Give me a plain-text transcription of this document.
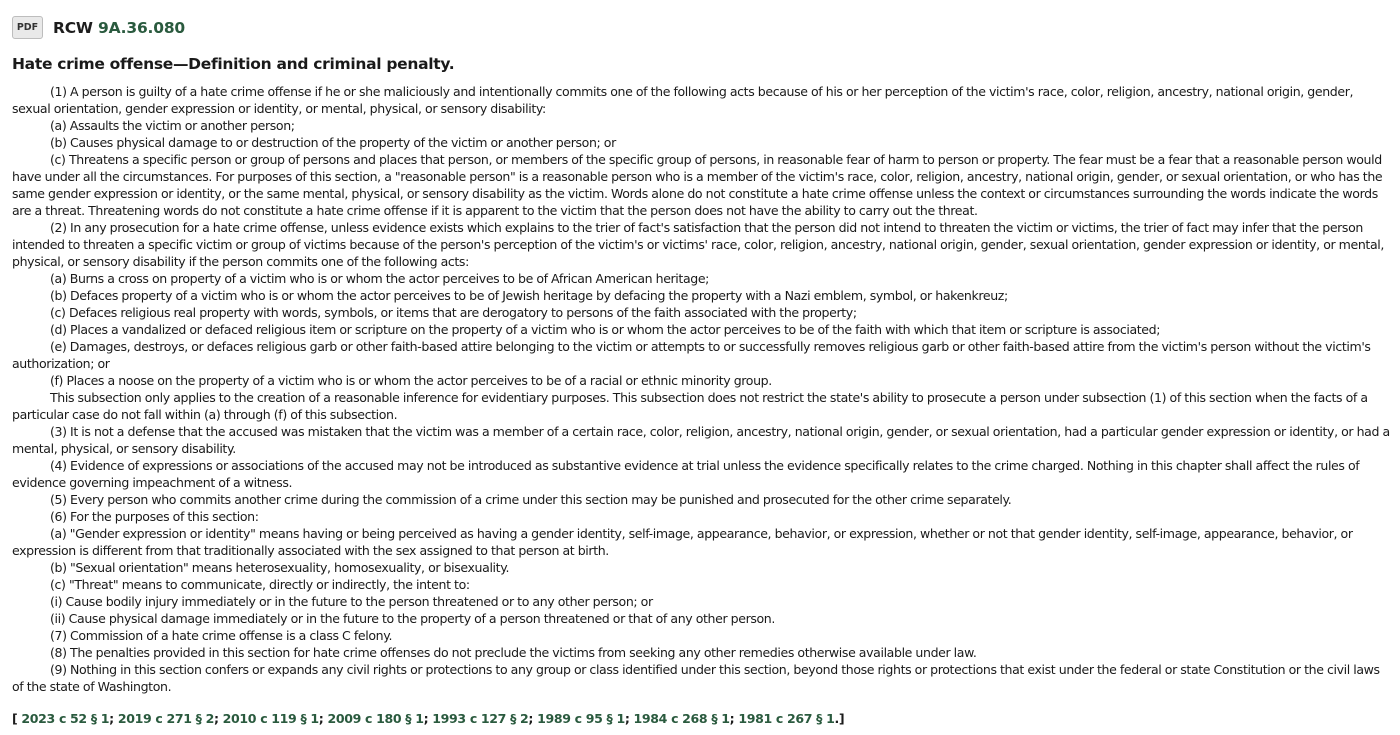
PDF RCW 9A.36.080
Hate crime offense—Definition and criminal penalty.

(1) A person is guilty of a hate crime offense if he or she maliciously and intentionally commits one of the following acts because of his or her perception of the victim's race, color, religion, ancestry, national origin, gender, sexual orientation, gender expression or identity, or mental, physical, or sensory disability:

(a) Assaults the victim or another person;

(b) Causes physical damage to or destruction of the property of the victim or another person; or

(c) Threatens a specific person or group of persons and places that person, or members of the specific group of persons, in reasonable fear of harm to person or property. The fear must be a fear that a reasonable person would have under all the circumstances. For purposes of this section, a "reasonable person" is a reasonable person who is a member of the victim's race, color, religion, ancestry, national origin, gender, or sexual orientation, or who has the same gender expression or identity, or the same mental, physical, or sensory disability as the victim. Words alone do not constitute a hate crime offense unless the context or circumstances surrounding the words indicate the words are a threat. Threatening words do not constitute a hate crime offense if it is apparent to the victim that the person does not have the ability to carry out the threat.

(2) In any prosecution for a hate crime offense, unless evidence exists which explains to the trier of fact's satisfaction that the person did not intend to threaten the victim or victims, the trier of fact may infer that the person intended to threaten a specific victim or group of victims because of the person's perception of the victim's or victims' race, color, religion, ancestry, national origin, gender, sexual orientation, gender expression or identity, or mental, physical, or sensory disability if the person commits one of the following acts:

(a) Burns a cross on property of a victim who is or whom the actor perceives to be of African American heritage;

(b) Defaces property of a victim who is or whom the actor perceives to be of Jewish heritage by defacing the property with a Nazi emblem, symbol, or hakenkreuz;

(c) Defaces religious real property with words, symbols, or items that are derogatory to persons of the faith associated with the property;

(d) Places a vandalized or defaced religious item or scripture on the property of a victim who is or whom the actor perceives to be of the faith with which that item or scripture is associated;

(e) Damages, destroys, or defaces religious garb or other faith-based attire belonging to the victim or attempts to or successfully removes religious garb or other faith-based attire from the victim's person without the victim's authorization; or

(f) Places a noose on the property of a victim who is or whom the actor perceives to be of a racial or ethnic minority group.

This subsection only applies to the creation of a reasonable inference for evidentiary purposes. This subsection does not restrict the state's ability to prosecute a person under subsection (1) of this section when the facts of a particular case do not fall within (a) through (f) of this subsection.

(3) It is not a defense that the accused was mistaken that the victim was a member of a certain race, color, religion, ancestry, national origin, gender, or sexual orientation, had a particular gender expression or identity, or had a mental, physical, or sensory disability.

(4) Evidence of expressions or associations of the accused may not be introduced as substantive evidence at trial unless the evidence specifically relates to the crime charged. Nothing in this chapter shall affect the rules of evidence governing impeachment of a witness.

(5) Every person who commits another crime during the commission of a crime under this section may be punished and prosecuted for the other crime separately.

(6) For the purposes of this section:

(a) "Gender expression or identity" means having or being perceived as having a gender identity, self-image, appearance, behavior, or expression, whether or not that gender identity, self-image, appearance, behavior, or expression is different from that traditionally associated with the sex assigned to that person at birth.

(b) "Sexual orientation" means heterosexuality, homosexuality, or bisexuality.

(c) "Threat" means to communicate, directly or indirectly, the intent to:

(i) Cause bodily injury immediately or in the future to the person threatened or to any other person; or

(ii) Cause physical damage immediately or in the future to the property of a person threatened or that of any other person.

(7) Commission of a hate crime offense is a class C felony.

(8) The penalties provided in this section for hate crime offenses do not preclude the victims from seeking any other remedies otherwise available under law.

(9) Nothing in this section confers or expands any civil rights or protections to any group or class identified under this section, beyond those rights or protections that exist under the federal or state Constitution or the civil laws of the state of Washington.

[ 2023 c 52 § 1; 2019 c 271 § 2; 2010 c 119 § 1; 2009 c 180 § 1; 1993 c 127 § 2; 1989 c 95 § 1; 1984 c 268 § 1; 1981 c 267 § 1.]
